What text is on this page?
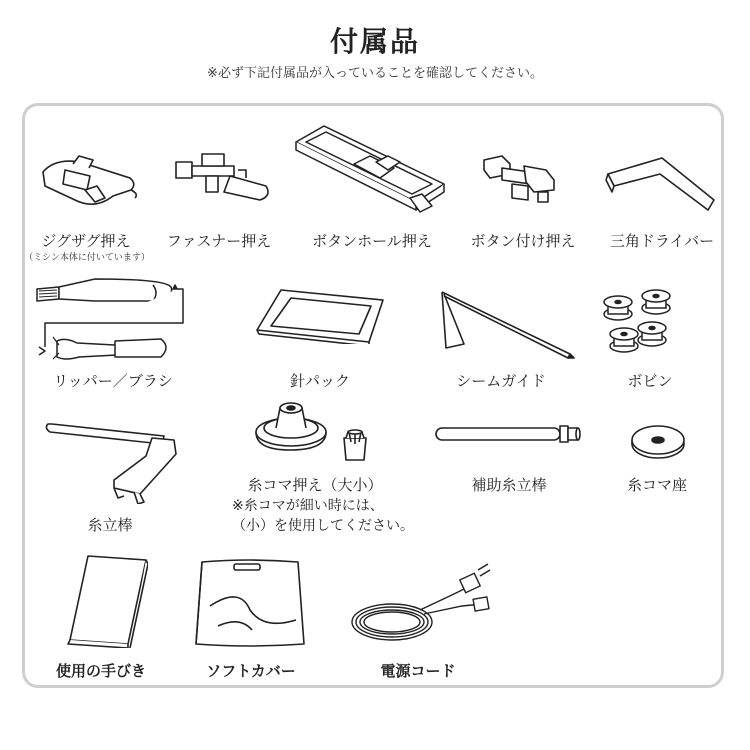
付属品
※必ず下記付属品が入っていることを確認してください。
ジグザグ押え
（ミシン本体に付いています）
ファスナー押え	ボタンホール押え	ボタン付け押え	三角ドライバー
リッパー／ブラシ	針パック	シームガイド	ボビン
糸立棒
糸コマ押え（大小）
※糸コマが細い時には、
（小）を使用してください。
補助糸立棒	糸コマ座
使用の手びき	ソフトカバー	電源コード
